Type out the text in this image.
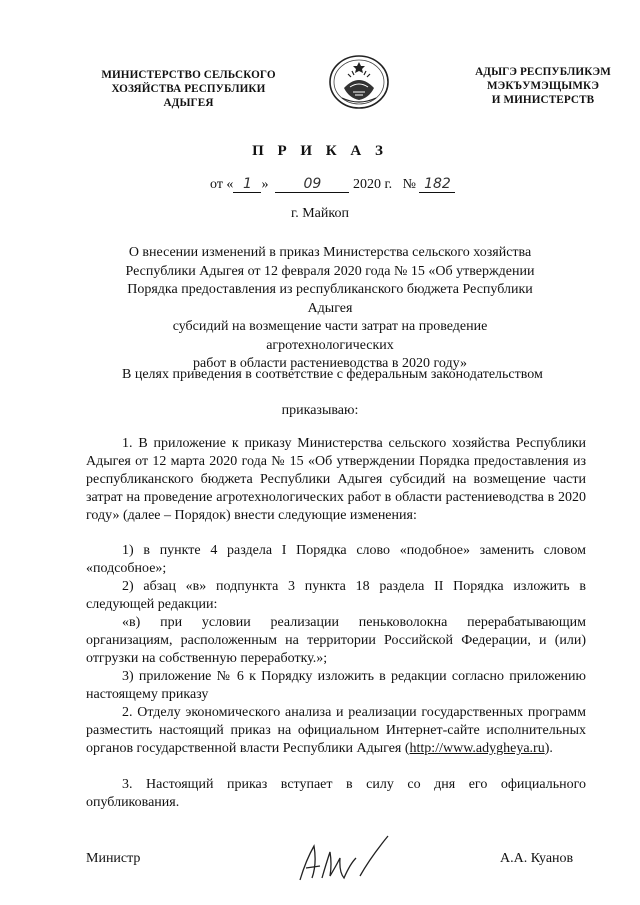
МИНИСТЕРСТВО СЕЛЬСКОГО
ХОЗЯЙСТВА РЕСПУБЛИКИ
АДЫГЕЯ
АДЫГЭ РЕСПУБЛИКЭМ
МЭКЪУМЭЩЫМКЭ
И МИНИСТЕРСТВ
П Р И К А З
от « 1 »	09 2020 г. № 182
г. Майкоп
О внесении изменений в приказ Министерства сельского хозяйства
Республики Адыгея от 12 февраля 2020 года № 15 «Об утверждении
Порядка предоставления из республиканского бюджета Республики Адыгея
субсидий на возмещение части затрат на проведение агротехнологических
работ в области растениеводства в 2020 году»
В целях приведения в соответствие с федеральным законодательством
приказываю:
1. В приложение к приказу Министерства сельского хозяйства Республики Адыгея от 12 марта 2020 года № 15 «Об утверждении Порядка предоставления из республиканского бюджета Республики Адыгея субсидий на возмещение части затрат на проведение агротехнологических работ в области растениеводства в 2020 году» (далее – Порядок) внести следующие изменения:
1) в пункте 4 раздела I Порядка слово «подобное» заменить словом «подсобное»;
2) абзац «в» подпункта 3 пункта 18 раздела II Порядка изложить в следующей редакции:
«в) при условии реализации пеньковолокна перерабатывающим организациям, расположенным на территории Российской Федерации, и (или) отгрузки на собственную переработку.»;
3) приложение № 6 к Порядку изложить в редакции согласно приложению настоящему приказу
2. Отделу экономического анализа и реализации государственных программ разместить настоящий приказ на официальном Интернет-сайте исполнительных органов государственной власти Республики Адыгея (http://www.adygheya.ru).
3. Настоящий приказ вступает в силу со дня его официального опубликования.
Министр	А.А. Куанов
